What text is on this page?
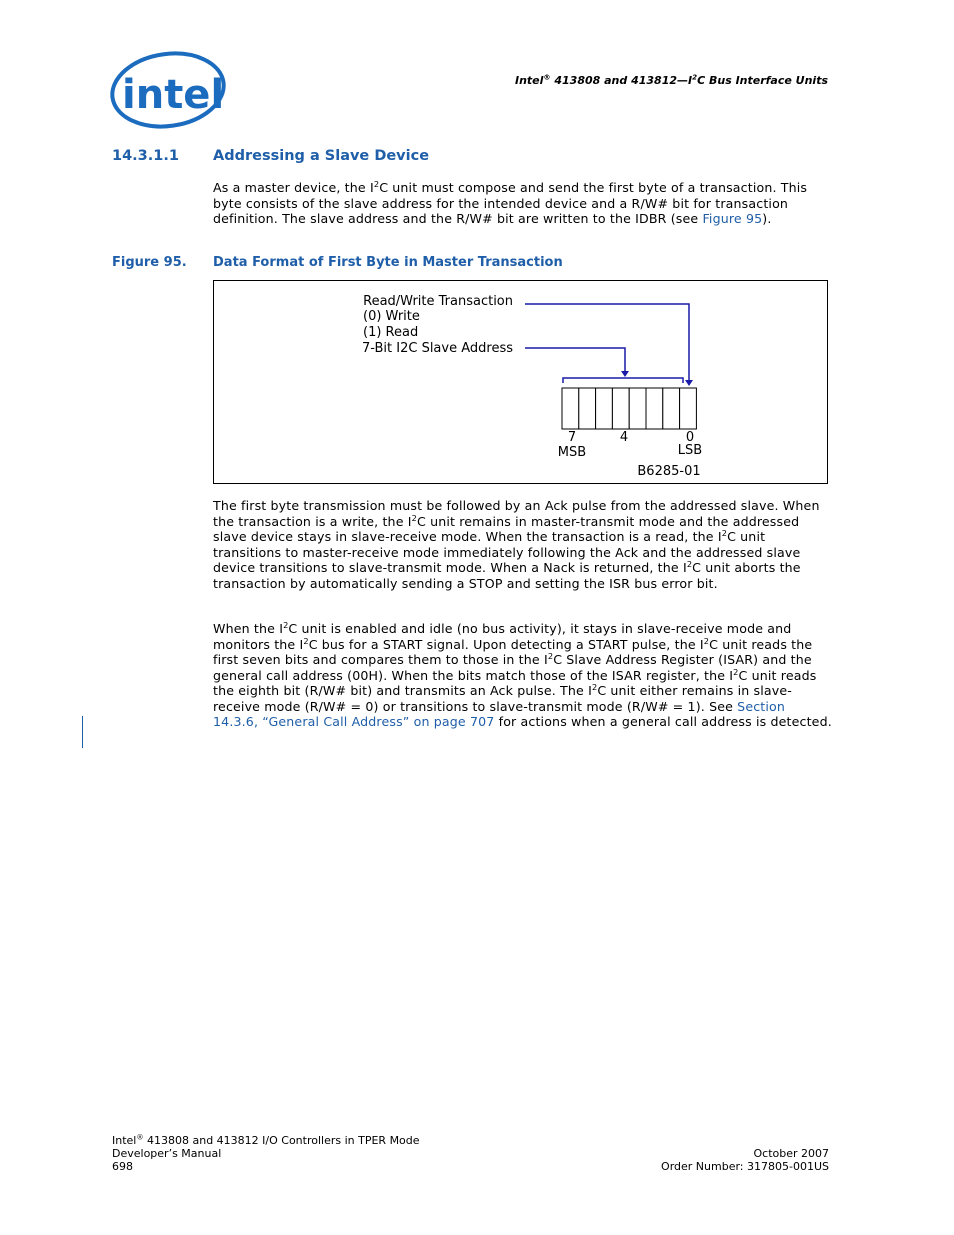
intel	Intel® 413808 and $413812—I^2C$ Bus Interface Units
14.3.1.1 Addressing a Slave Device
As a master device, the $I^2C$ unit must compose and send the first byte of a transaction. This byte consists of the slave address for the intended device and a R/W# bit for transaction definition. The slave address and the R/W# bit are written to the IDBR (see Figure 95).
Figure 95. Data Format of First Byte in Master Transaction
Read/Write Transaction
(0) Write
(1) Read
7-Bit I2C Slave Address
7	4	0
MSB	LSB
B6285-01
The first byte transmission must be followed by an Ack pulse from the addressed slave. When the transaction is a write, the $I^2C$ unit remains in master-transmit mode and the addressed slave device stays in slave-receive mode. When the transaction is a read, the $I^2C$ unit transitions to master-receive mode immediately following the Ack and the addressed slave device transitions to slave-transmit mode. When a Nack is returned, the $I^2C$ unit aborts the transaction by automatically sending a STOP and setting the ISR bus error bit.
When the $I^2C$ unit is enabled and idle (no bus activity), it stays in slave-receive mode and monitors the $I^2C$ bus for a START signal. Upon detecting a START pulse, the $I^2C$ unit reads the first seven bits and compares them to those in the $I^2C$ Slave Address Register (ISAR) and the general call address (00H). When the bits match those of the ISAR register, the $I^2C$ unit reads the eighth bit (R/W# bit) and transmits an Ack pulse. The $I^2C$ unit either remains in slave-receive mode (R/W# = 0) or transitions to slave-transmit mode (R/W# = 1). See Section 14.3.6, “General Call Address” on page 707 for actions when a general call address is detected.
Intel® 413808 and 413812 I/O Controllers in TPER Mode
Developer’s Manual
698
October 2007
Order Number: 317805-001US
